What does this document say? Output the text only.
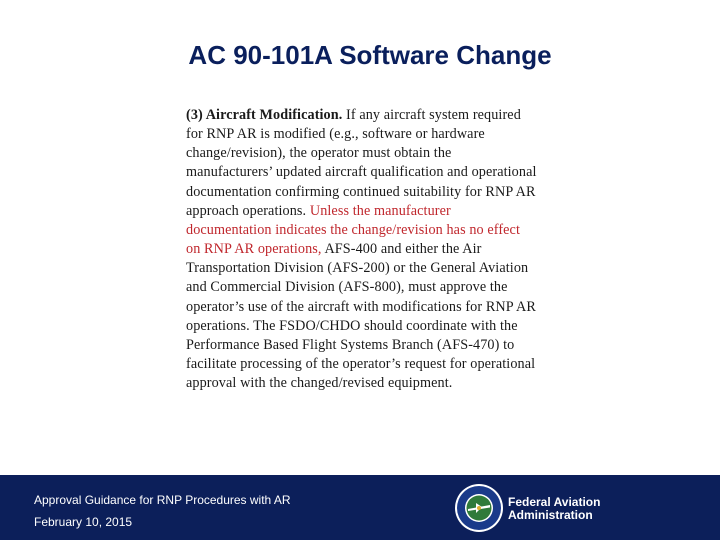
AC 90-101A Software Change
(3) Aircraft Modification. If any aircraft system required for RNP AR is modified (e.g., software or hardware change/revision), the operator must obtain the manufacturers’ updated aircraft qualification and operational documentation confirming continued suitability for RNP AR approach operations. Unless the manufacturer documentation indicates the change/revision has no effect on RNP AR operations, AFS-400 and either the Air Transportation Division (AFS-200) or the General Aviation and Commercial Division (AFS-800), must approve the operator’s use of the aircraft with modifications for RNP AR operations. The FSDO/CHDO should coordinate with the Performance Based Flight Systems Branch (AFS-470) to facilitate processing of the operator’s request for operational approval with the changed/revised equipment.
Approval Guidance for RNP Procedures with AR
February 10, 2015
Federal Aviation
Administration
